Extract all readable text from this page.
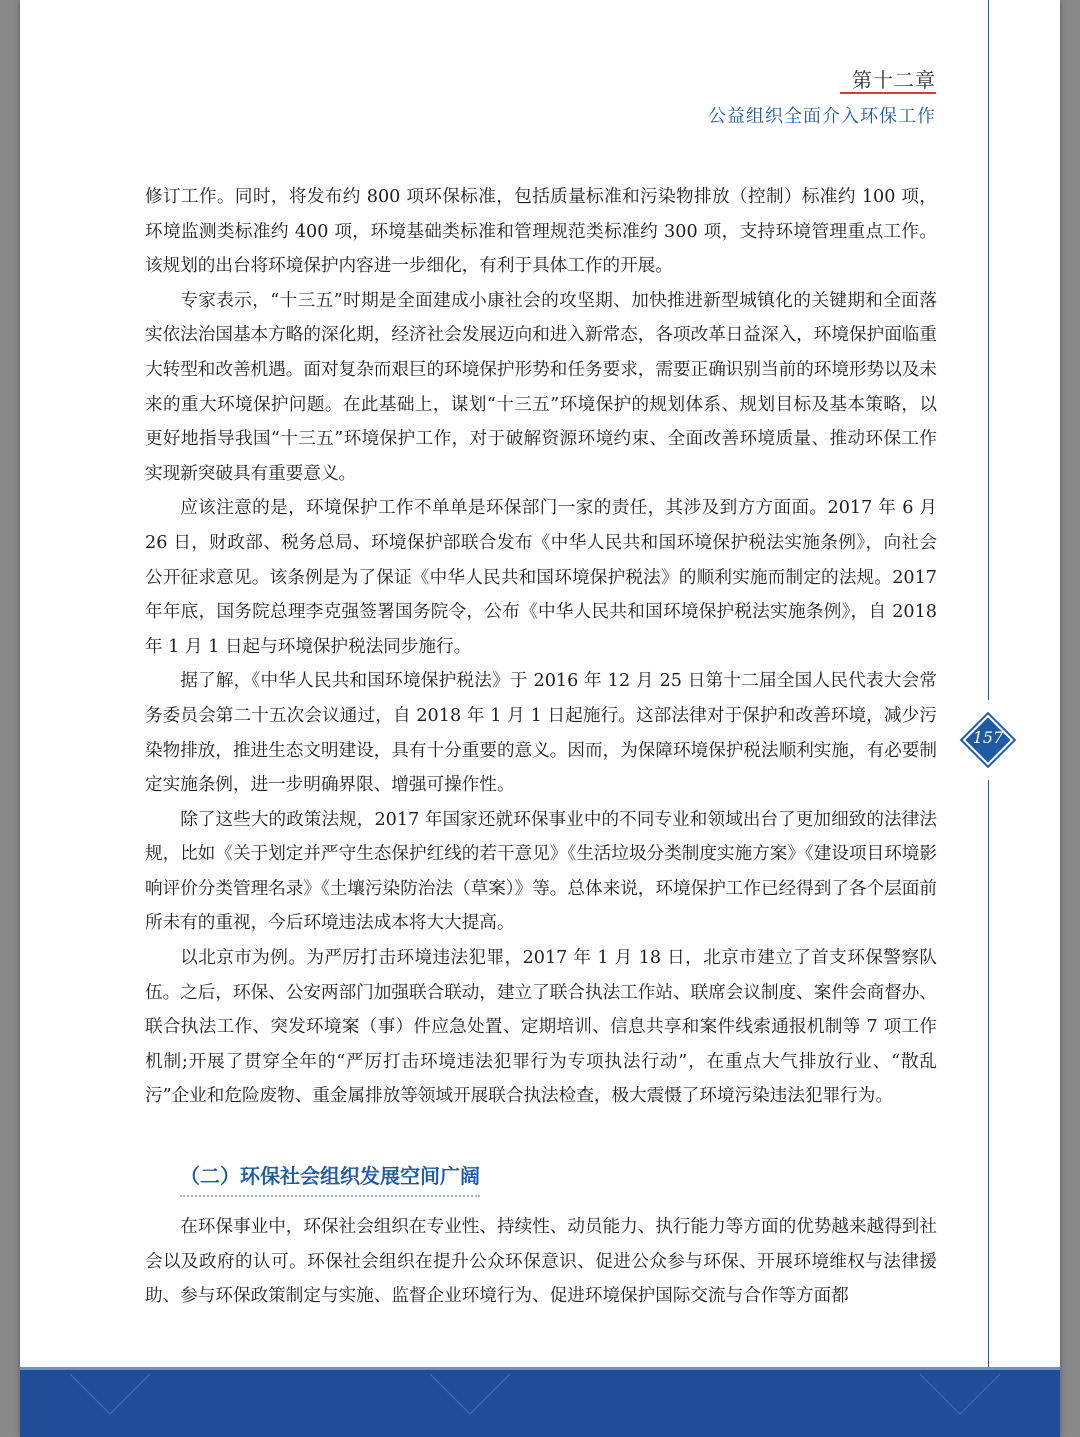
第十二章
公益组织全面介入环保工作

修订工作。同时，将发布约 800 项环保标准，包括质量标准和污染物排放（控制）标准约 100 项，环境监测类标准约 400 项，环境基础类标准和管理规范类标准约 300 项，支持环境管理重点工作。该规划的出台将环境保护内容进一步细化，有利于具体工作的开展。

专家表示，“十三五”时期是全面建成小康社会的攻坚期、加快推进新型城镇化的关键期和全面落实依法治国基本方略的深化期，经济社会发展迈向和进入新常态，各项改革日益深入，环境保护面临重大转型和改善机遇。面对复杂而艰巨的环境保护形势和任务要求，需要正确识别当前的环境形势以及未来的重大环境保护问题。在此基础上，谋划“十三五”环境保护的规划体系、规划目标及基本策略，以更好地指导我国“十三五”环境保护工作，对于破解资源环境约束、全面改善环境质量、推动环保工作实现新突破具有重要意义。

应该注意的是，环境保护工作不单单是环保部门一家的责任，其涉及到方方面面。2017 年 6 月 26 日，财政部、税务总局、环境保护部联合发布《中华人民共和国环境保护税法实施条例》，向社会公开征求意见。该条例是为了保证《中华人民共和国环境保护税法》的顺利实施而制定的法规。2017 年年底，国务院总理李克强签署国务院令，公布《中华人民共和国环境保护税法实施条例》，自 2018 年 1 月 1 日起与环境保护税法同步施行。

据了解，《中华人民共和国环境保护税法》于 2016 年 12 月 25 日第十二届全国人民代表大会常务委员会第二十五次会议通过，自 2018 年 1 月 1 日起施行。这部法律对于保护和改善环境，减少污染物排放，推进生态文明建设，具有十分重要的意义。因而，为保障环境保护税法顺利实施，有必要制定实施条例，进一步明确界限、增强可操作性。

除了这些大的政策法规，2017 年国家还就环保事业中的不同专业和领域出台了更加细致的法律法规，比如《关于划定并严守生态保护红线的若干意见》《生活垃圾分类制度实施方案》《建设项目环境影响评价分类管理名录》《土壤污染防治法（草案）》等。总体来说，环境保护工作已经得到了各个层面前所未有的重视，今后环境违法成本将大大提高。

以北京市为例。为严厉打击环境违法犯罪，2017 年 1 月 18 日，北京市建立了首支环保警察队伍。之后，环保、公安两部门加强联合联动，建立了联合执法工作站、联席会议制度、案件会商督办、联合执法工作、突发环境案（事）件应急处置、定期培训、信息共享和案件线索通报机制等 7 项工作机制;开展了贯穿全年的“严厉打击环境违法犯罪行为专项执法行动”，在重点大气排放行业、“散乱污”企业和危险废物、重金属排放等领域开展联合执法检查，极大震慑了环境污染违法犯罪行为。

（二）环保社会组织发展空间广阔

在环保事业中，环保社会组织在专业性、持续性、动员能力、执行能力等方面的优势越来越得到社会以及政府的认可。环保社会组织在提升公众环保意识、促进公众参与环保、开展环境维权与法律援助、参与环保政策制定与实施、监督企业环境行为、促进环境保护国际交流与合作等方面都

157
